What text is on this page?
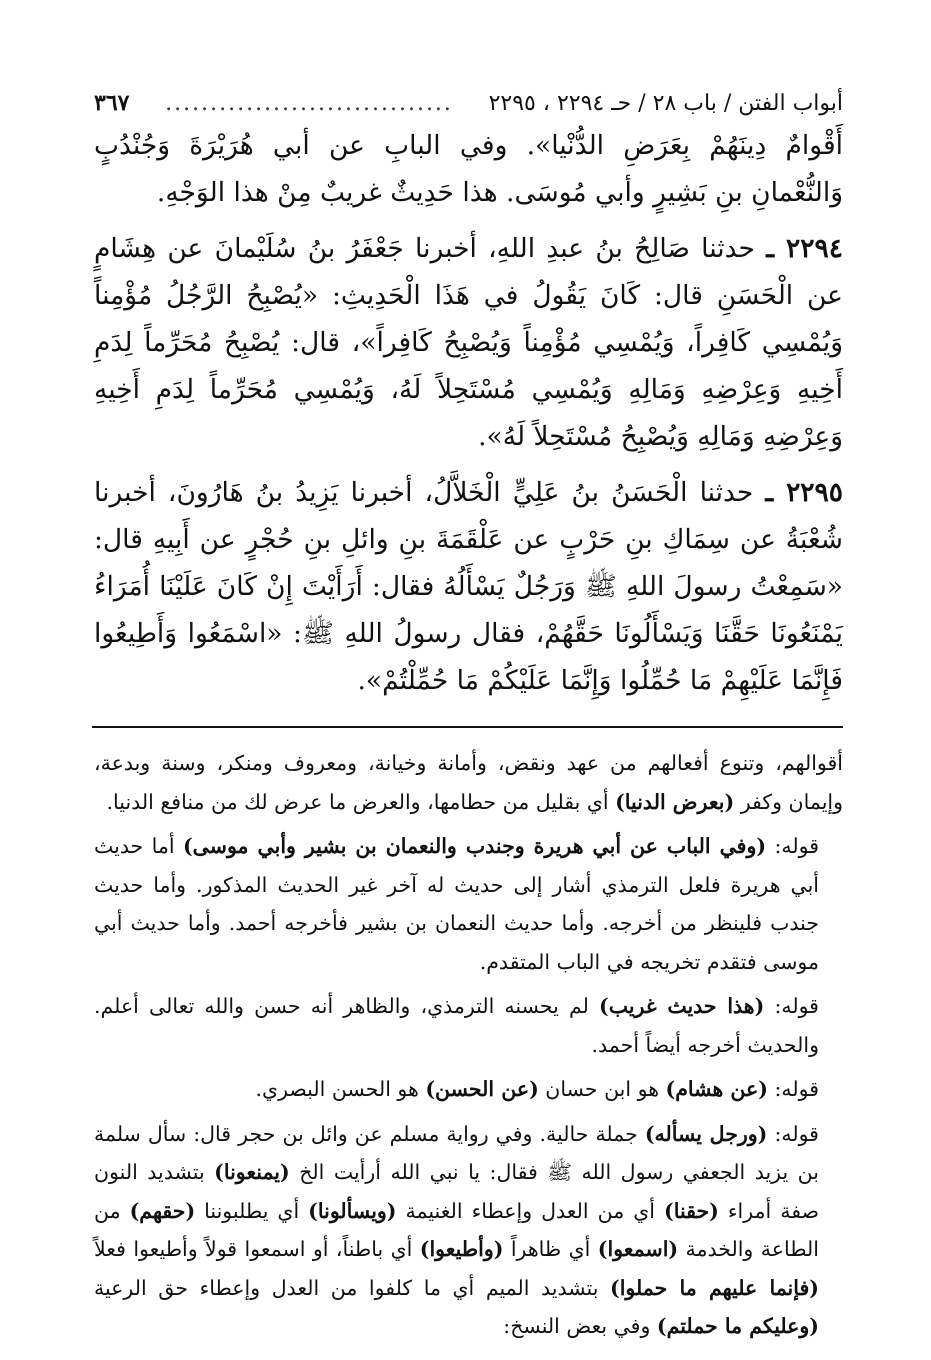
أبواب الفتن / باب ٢٨ / حـ ٢٢٩٤ ، ٢٢٩٥
................................
٣٦٧

أَقْوامٌ دِينَهُمْ بِعَرَضِ الدُّنْيا». وفي البابِ عن أبي هُرَيْرَةَ وَجُنْدُبٍ وَالنُّعْمانِ بنِ بَشِيرٍ وأبي مُوسَى. هذا حَدِيثٌ غريبٌ مِنْ هذا الوَجْهِ.

٢٢٩٤ ـ حدثنا صَالِحُ بنُ عبدِ اللهِ، أخبرنا جَعْفَرُ بنُ سُلَيْمانَ عن هِشَامٍ عن الْحَسَنِ قال: كَانَ يَقُولُ في هَذَا الْحَدِيثِ: «يُصْبِحُ الرَّجُلُ مُؤْمِناً وَيُمْسِي كَافِراً، وَيُمْسِي مُؤْمِناً وَيُصْبِحُ كَافِراً»، قال: يُصْبِحُ مُحَرِّماً لِدَمِ أَخِيهِ وَعِرْضِهِ وَمَالِهِ وَيُمْسِي مُسْتَحِلاً لَهُ، وَيُمْسِي مُحَرِّماً لِدَمِ أَخِيهِ وَعِرْضِهِ وَمَالِهِ وَيُصْبِحُ مُسْتَحِلاً لَهُ».

٢٢٩٥ ـ حدثنا الْحَسَنُ بنُ عَلِيٍّ الْخَلاَّلُ، أخبرنا يَزِيدُ بنُ هَارُونَ، أخبرنا شُعْبَةُ عن سِمَاكِ بنِ حَرْبٍ عن عَلْقَمَةَ بنِ وائلِ بنِ حُجْرٍ عن أَبِيهِ قال: «سَمِعْتُ رسولَ اللهِ ﷺ وَرَجُلٌ يَسْأَلُهُ فقال: أَرَأَيْتَ إِنْ كَانَ عَلَيْنَا أُمَرَاءُ يَمْنَعُونَا حَقَّنَا وَيَسْأَلُونَا حَقَّهُمْ، فقال رسولُ اللهِ ﷺ: «اسْمَعُوا وَأَطِيعُوا فَإِنَّمَا عَلَيْهِمْ مَا حُمِّلُوا وَإِنَّمَا عَلَيْكُمْ مَا حُمِّلْتُمْ».

أقوالهم، وتنوع أفعالهم من عهد ونقض، وأمانة وخيانة، ومعروف ومنكر، وسنة وبدعة، وإيمان وكفر (بعرض الدنيا) أي بقليل من حطامها، والعرض ما عرض لك من منافع الدنيا.

قوله: (وفي الباب عن أبي هريرة وجندب والنعمان بن بشير وأبي موسى) أما حديث أبي هريرة فلعل الترمذي أشار إلى حديث له آخر غير الحديث المذكور. وأما حديث جندب فلينظر من أخرجه. وأما حديث النعمان بن بشير فأخرجه أحمد. وأما حديث أبي موسى فتقدم تخريجه في الباب المتقدم.

قوله: (هذا حديث غريب) لم يحسنه الترمذي، والظاهر أنه حسن والله تعالى أعلم. والحديث أخرجه أيضاً أحمد.

قوله: (عن هشام) هو ابن حسان (عن الحسن) هو الحسن البصري.

قوله: (ورجل يسأله) جملة حالية. وفي رواية مسلم عن وائل بن حجر قال: سأل سلمة بن يزيد الجعفي رسول الله ﷺ فقال: يا نبي الله أرأيت الخ (يمنعونا) بتشديد النون صفة أمراء (حقنا) أي من العدل وإعطاء الغنيمة (ويسألونا) أي يطلبوننا (حقهم) من الطاعة والخدمة (اسمعوا) أي ظاهراً (وأطيعوا) أي باطناً، أو اسمعوا قولاً وأطيعوا فعلاً (فإنما عليهم ما حملوا) بتشديد الميم أي ما كلفوا من العدل وإعطاء حق الرعية (وعليكم ما حملتم) وفي بعض النسخ:
